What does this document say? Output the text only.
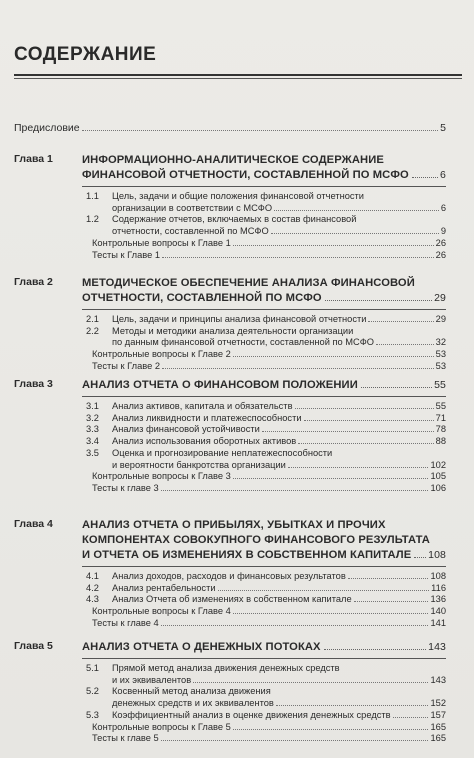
СОДЕРЖАНИЕ
Предисловие	5
Глава 1	ИНФОРМАЦИОННО-АНАЛИТИЧЕСКОЕ СОДЕРЖАНИЕ
ФИНАНСОВОЙ ОТЧЕТНОСТИ, СОСТАВЛЕННОЙ ПО МСФО	6
1.1 Цель, задачи и общие положения финансовой отчетности
организации в соответствии с МСФО	6
1.2 Содержание отчетов, включаемых в состав финансовой
отчетности, составленной по МСФО	9
Контрольные вопросы к Главе 1	26
Тесты к Главе 1	26
Глава 2	МЕТОДИЧЕСКОЕ ОБЕСПЕЧЕНИЕ АНАЛИЗА ФИНАНСОВОЙ
ОТЧЕТНОСТИ, СОСТАВЛЕННОЙ ПО МСФО	29
2.1 Цель, задачи и принципы анализа финансовой отчетности	29
2.2 Методы и методики анализа деятельности организации
по данным финансовой отчетности, составленной по МСФО	32
Контрольные вопросы к Главе 2	53
Тесты к Главе 2	53
Глава 3	АНАЛИЗ ОТЧЕТА О ФИНАНСОВОМ ПОЛОЖЕНИИ	55
3.1 Анализ активов, капитала и обязательств	55
3.2 Анализ ликвидности и платежеспособности	71
3.3 Анализ финансовой устойчивости	78
3.4 Анализ использования оборотных активов	88
3.5 Оценка и прогнозирование неплатежеспособности
и вероятности банкротства организации	102
Контрольные вопросы к Главе 3	105
Тесты к главе 3	106
Глава 4	АНАЛИЗ ОТЧЕТА О ПРИБЫЛЯХ, УБЫТКАХ И ПРОЧИХ
КОМПОНЕНТАХ СОВОКУПНОГО ФИНАНСОВОГО РЕЗУЛЬТАТА
И ОТЧЕТА ОБ ИЗМЕНЕНИЯХ В СОБСТВЕННОМ КАПИТАЛЕ 108
4.1 Анализ доходов, расходов и финансовых результатов	108
4.2 Анализ рентабельности	116
4.3 Анализ Отчета об изменениях в собственном капитале	136
Контрольные вопросы к Главе 4	140
Тесты к главе 4	141
Глава 5	АНАЛИЗ ОТЧЕТА О ДЕНЕЖНЫХ ПОТОКАХ	143
5.1 Прямой метод анализа движения денежных средств
и их эквивалентов	143
5.2 Косвенный метод анализа движения
денежных средств и их эквивалентов	152
5.3 Коэффициентный анализ в оценке движения денежных средств	157
Контрольные вопросы к Главе 5	165
Тесты к главе 5	165
